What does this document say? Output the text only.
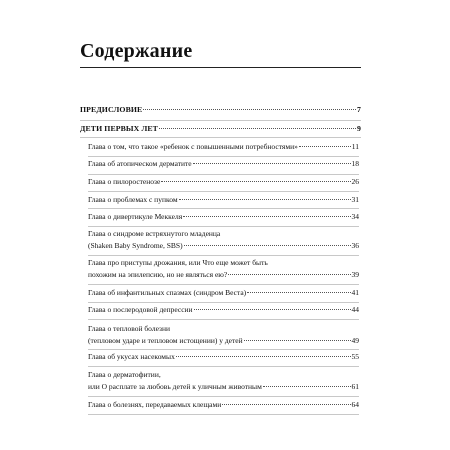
Содержание
ПРЕДИСЛОВИЕ	7
ДЕТИ ПЕРВЫХ ЛЕТ	9
Глава о том, что такое «ребенок с повышенными потребностями»	11
Глава об атопическом дерматите	18
Глава о пилоростенозе	26
Глава о проблемах с пупком	31
Глава о дивертикуле Меккеля	34
Глава о синдроме встряхнутого младенца
(Shaken Baby Syndrome, SBS)	36
Глава про приступы дрожания, или Что еще может быть
похожим на эпилепсию, но не являться ею?	39
Глава об инфантильных спазмах (синдром Веста)	41
Глава о послеродовой депрессии	44
Глава о тепловой болезни
(тепловом ударе и тепловом истощении) у детей	49
Глава об укусах насекомых	55
Глава о дерматофитии,
или О расплате за любовь детей к уличным животным	61
Глава о болезнях, передаваемых клещами	64
